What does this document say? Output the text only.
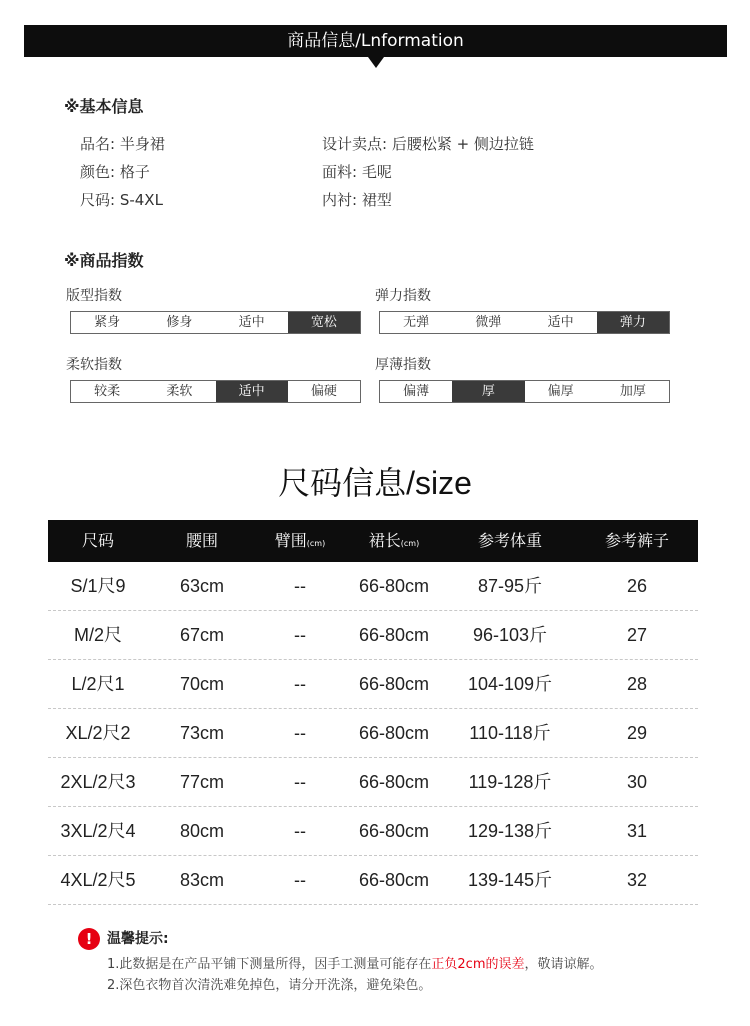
商品信息/Lnformation
※基本信息
品名: 半身裙
颜色: 格子
尺码: S-4XL
设计卖点: 后腰松紧 + 侧边拉链
面料: 毛呢
内衬: 裙型
※商品指数
版型指数
紧身	修身	适中	宽松
弹力指数
无弹	微弹	适中	弹力
柔软指数
较柔	柔软	适中	偏硬
厚薄指数
偏薄	厚	偏厚	加厚
尺码信息/size
尺码	腰围	臂围(cm)	裙长(cm)	参考体重	参考裤子
S/1尺9	63cm	--	66-80cm	87-95斤	26
M/2尺	67cm	--	66-80cm	96-103斤	27
L/2尺1	70cm	--	66-80cm	104-109斤	28
XL/2尺2	73cm	--	66-80cm	110-118斤	29
2XL/2尺3	77cm	--	66-80cm	119-128斤	30
3XL/2尺4	80cm	--	66-80cm	129-138斤	31
4XL/2尺5	83cm	--	66-80cm	139-145斤	32
!	温馨提示:
1.此数据是在产品平铺下测量所得，因手工测量可能存在正负2cm的误差，敬请谅解。
2.深色衣物首次清洗难免掉色，请分开洗涤，避免染色。
